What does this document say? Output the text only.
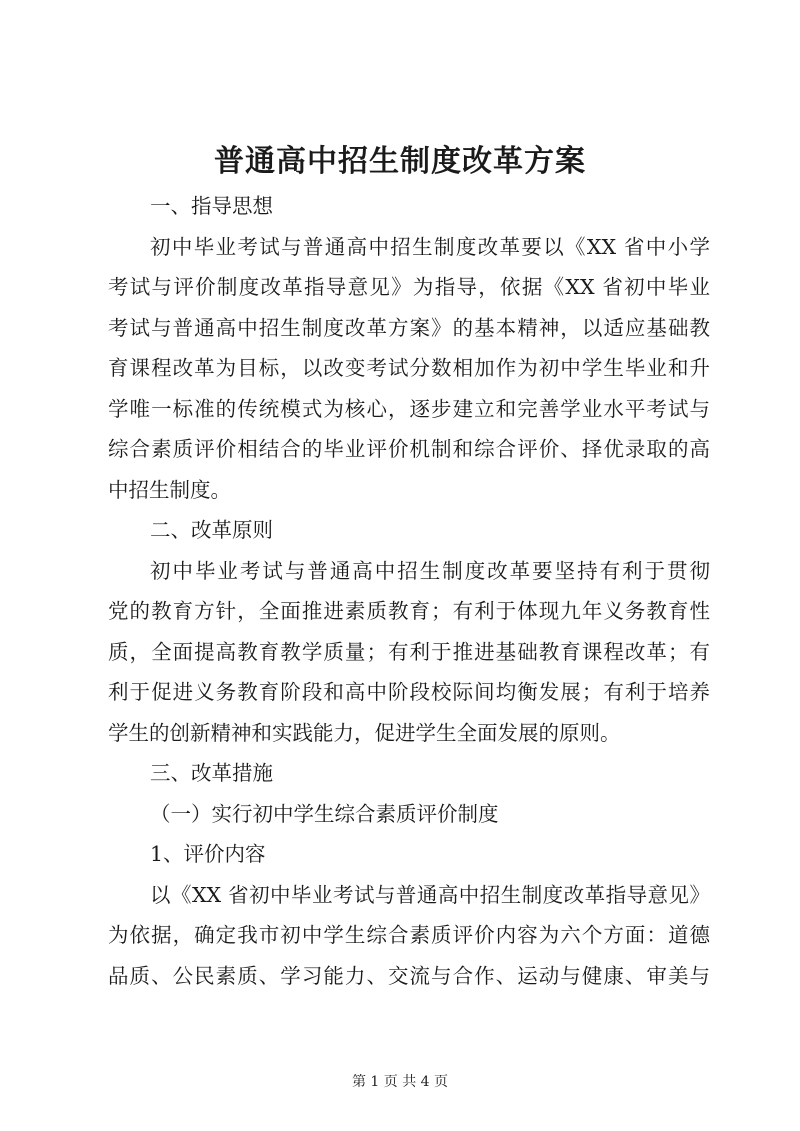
普通高中招生制度改革方案
一、指导思想
初中毕业考试与普通高中招生制度改革要以《XX 省中小学
考试与评价制度改革指导意见》为指导，依据《XX 省初中毕业
考试与普通高中招生制度改革方案》的基本精神，以适应基础教
育课程改革为目标，以改变考试分数相加作为初中学生毕业和升
学唯一标准的传统模式为核心，逐步建立和完善学业水平考试与
综合素质评价相结合的毕业评价机制和综合评价、择优录取的高
中招生制度。
二、改革原则
初中毕业考试与普通高中招生制度改革要坚持有利于贯彻
党的教育方针，全面推进素质教育；有利于体现九年义务教育性
质，全面提高教育教学质量；有利于推进基础教育课程改革；有
利于促进义务教育阶段和高中阶段校际间均衡发展；有利于培养
学生的创新精神和实践能力，促进学生全面发展的原则。
三、改革措施
（一）实行初中学生综合素质评价制度
1、评价内容
以《XX 省初中毕业考试与普通高中招生制度改革指导意见》
为依据，确定我市初中学生综合素质评价内容为六个方面：道德
品质、公民素质、学习能力、交流与合作、运动与健康、审美与
第 1 页 共 4 页
